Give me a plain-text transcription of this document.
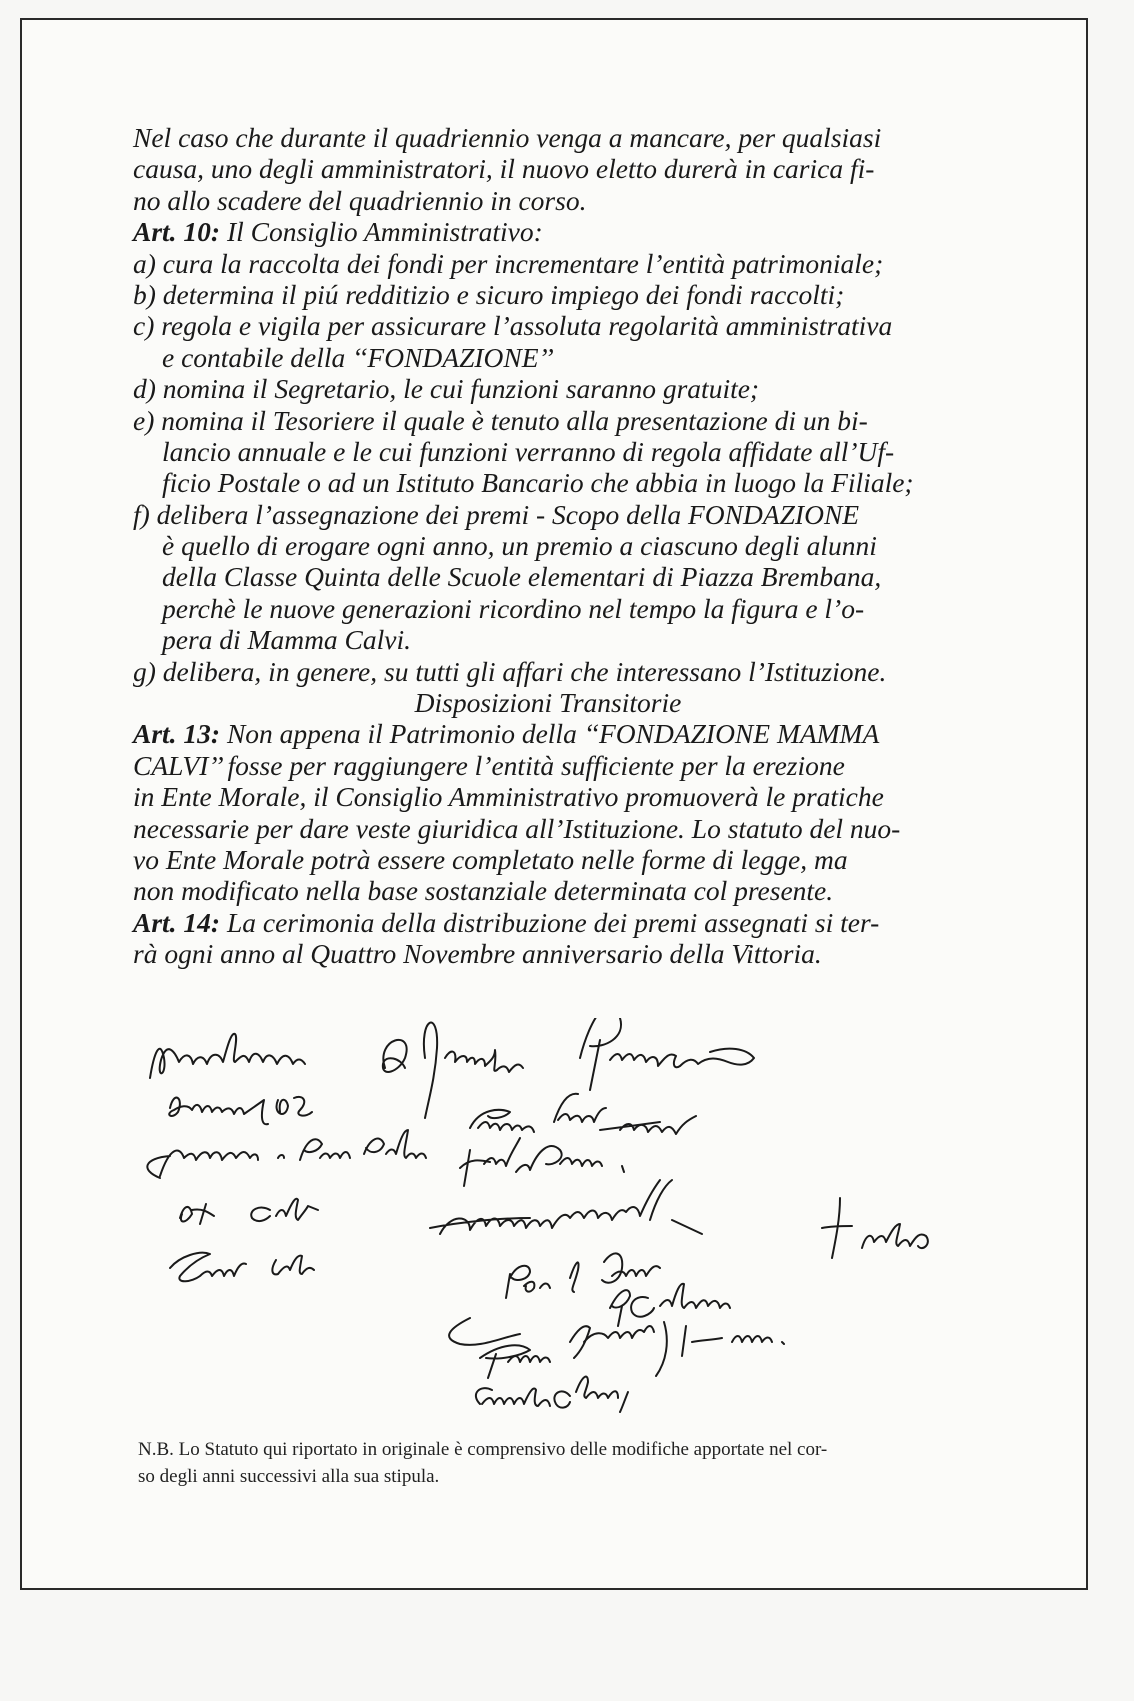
Nel caso che durante il quadriennio venga a mancare, per qualsiasi
causa, uno degli amministratori, il nuovo eletto durerà in carica fi-
no allo scadere del quadriennio in corso.
Art. 10: Il Consiglio Amministrativo:
a) cura la raccolta dei fondi per incrementare l’entità patrimoniale;
b) determina il piú redditizio e sicuro impiego dei fondi raccolti;
c) regola e vigila per assicurare l’assoluta regolarità amministrativa
e contabile della ‘‘FONDAZIONE’’
d) nomina il Segretario, le cui funzioni saranno gratuite;
e) nomina il Tesoriere il quale è tenuto alla presentazione di un bi-
lancio annuale e le cui funzioni verranno di regola affidate all’Uf-
ficio Postale o ad un Istituto Bancario che abbia in luogo la Filiale;
f) delibera l’assegnazione dei premi - Scopo della FONDAZIONE
è quello di erogare ogni anno, un premio a ciascuno degli alunni
della Classe Quinta delle Scuole elementari di Piazza Brembana,
perchè le nuove generazioni ricordino nel tempo la figura e l’o-
pera di Mamma Calvi.
g) delibera, in genere, su tutti gli affari che interessano l’Istituzione.
Disposizioni Transitorie
Art. 13: Non appena il Patrimonio della ‘‘FONDAZIONE MAMMA
CALVI’’ fosse per raggiungere l’entità sufficiente per la erezione
in Ente Morale, il Consiglio Amministrativo promuoverà le pratiche
necessarie per dare veste giuridica all’Istituzione. Lo statuto del nuo-
vo Ente Morale potrà essere completato nelle forme di legge, ma
non modificato nella base sostanziale determinata col presente.
Art. 14: La cerimonia della distribuzione dei premi assegnati si ter-
rà ogni anno al Quattro Novembre anniversario della Vittoria.
N.B. Lo Statuto qui riportato in originale è comprensivo delle modifiche apportate nel cor-
so degli anni successivi alla sua stipula.
